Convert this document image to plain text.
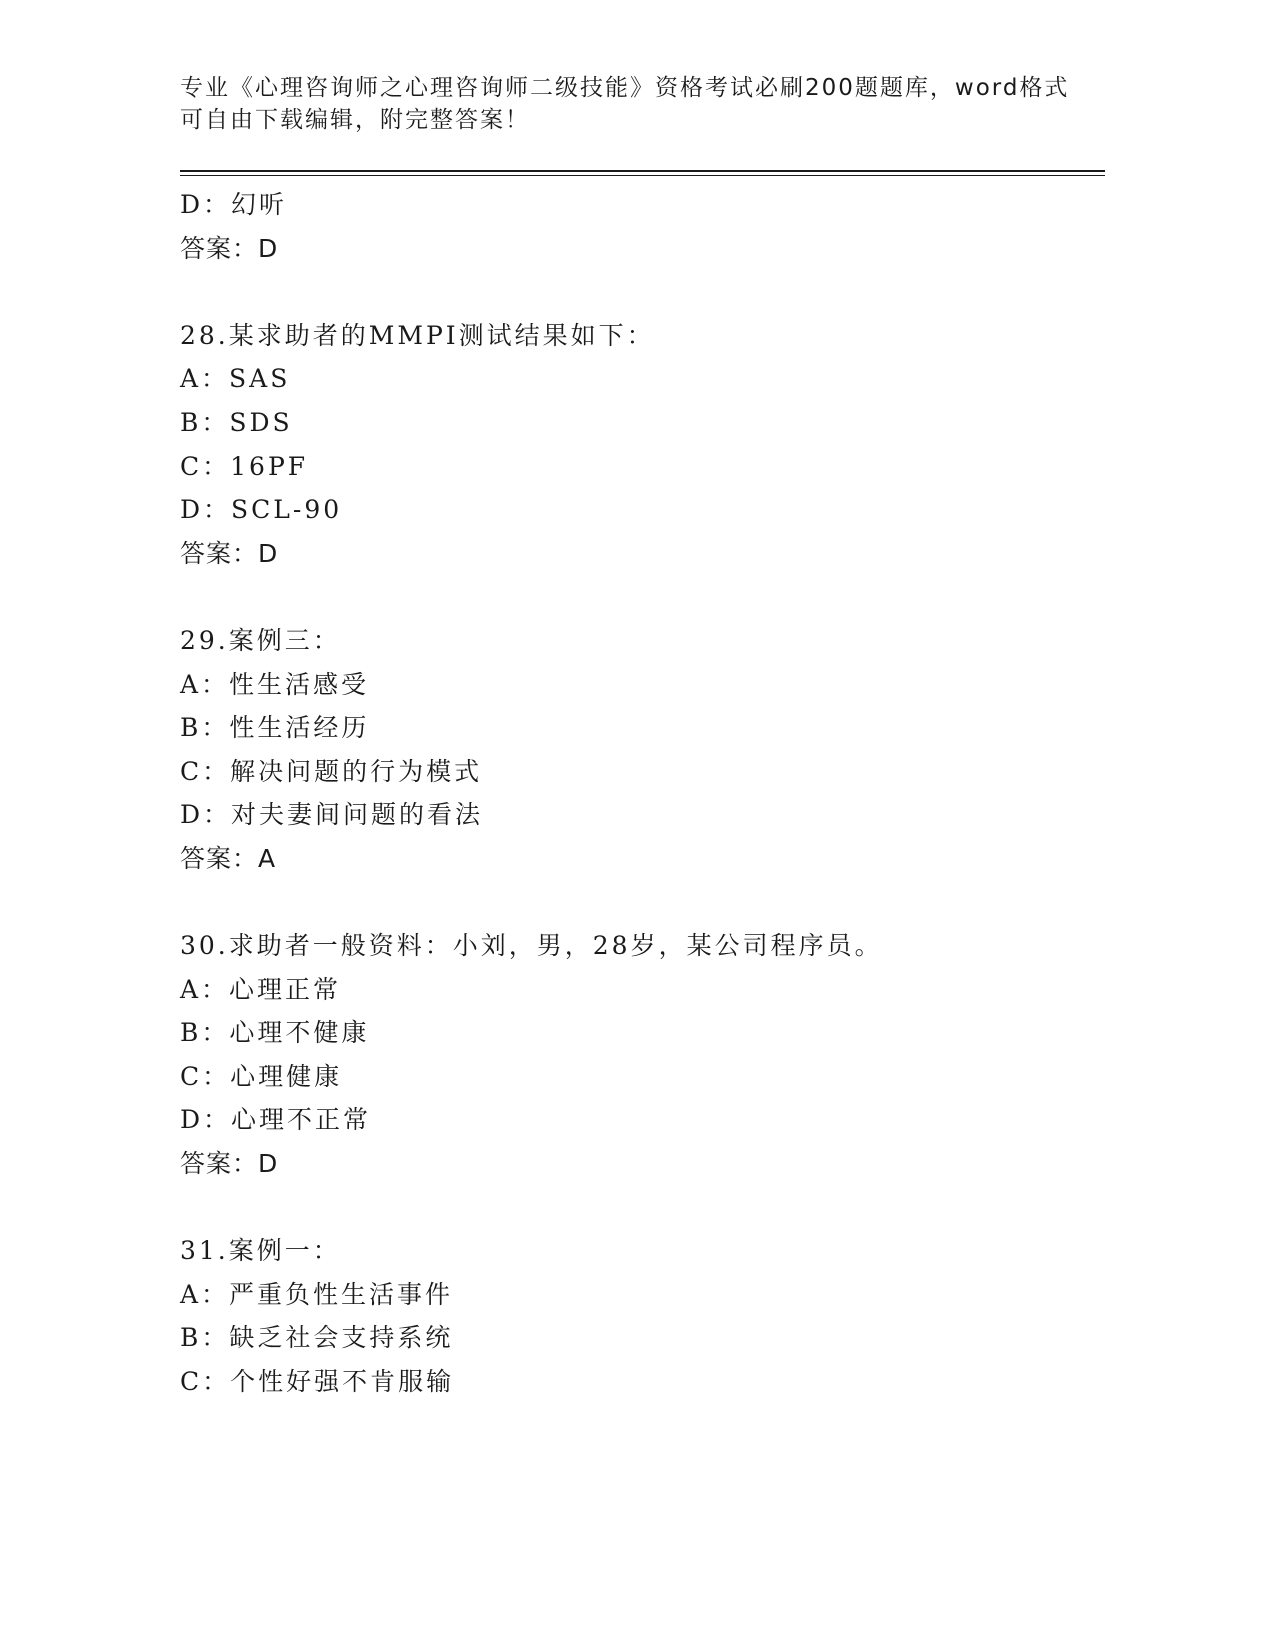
专业《心理咨询师之心理咨询师二级技能》资格考试必刷200题题库，word格式
可自由下载编辑，附完整答案！
D：幻听
答案：D
28.某求助者的MMPI测试结果如下：
A：SAS
B：SDS
C：16PF
D：SCL-90
答案：D
29.案例三：
A：性生活感受
B：性生活经历
C：解决问题的行为模式
D：对夫妻间问题的看法
答案：A
30.求助者一般资料：小刘，男，28岁，某公司程序员。
A：心理正常
B：心理不健康
C：心理健康
D：心理不正常
答案：D
31.案例一：
A：严重负性生活事件
B：缺乏社会支持系统
C：个性好强不肯服输
